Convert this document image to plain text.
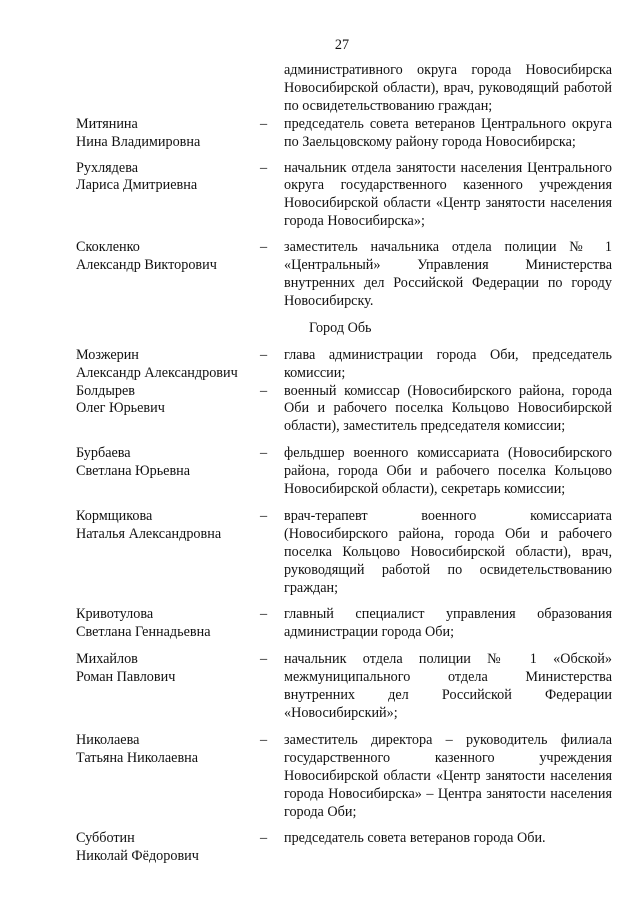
27
административного округа города Новосибирска Новосибирской области), врач, руководящий работой по освидетельствованию граждан;
Митянина
Нина Владимировна
–	председатель совета ветеранов Центрального округа по Заельцовскому району города Новосибирска;
Рухлядева
Лариса Дмитриевна
–	начальник отдела занятости населения Центрального округа государственного казенного учреждения Новосибирской области «Центр занятости населения города Новосибирска»;
Скокленко
Александр Викторович
–	заместитель начальника отдела полиции № 1 «Центральный» Управления Министерства внутренних дел Российской Федерации по городу Новосибирску.
Город Обь
Мозжерин
Александр Александрович
–	глава администрации города Оби, председатель комиссии;
Болдырев
Олег Юрьевич
–	военный комиссар (Новосибирского района, города Оби и рабочего поселка Кольцово Новосибирской области), заместитель председателя комиссии;
Бурбаева
Светлана Юрьевна
–	фельдшер военного комиссариата (Новосибирского района, города Оби и рабочего поселка Кольцово Новосибирской области), секретарь комиссии;
Кормщикова
Наталья Александровна
–	врач-терапевт военного комиссариата (Новосибирского района, города Оби и рабочего поселка Кольцово Новосибирской области), врач, руководящий работой по освидетельствованию граждан;
Кривотулова
Светлана Геннадьевна
–	главный специалист управления образования администрации города Оби;
Михайлов
Роман Павлович
–	начальник отдела полиции № 1 «Обской» межмуниципального отдела Министерства внутренних дел Российской Федерации «Новосибирский»;
Николаева
Татьяна Николаевна
–	заместитель директора – руководитель филиала государственного казенного учреждения Новосибирской области «Центр занятости населения города Новосибирска» – Центра занятости населения города Оби;
Субботин
Николай Фёдорович
–	председатель совета ветеранов города Оби.
